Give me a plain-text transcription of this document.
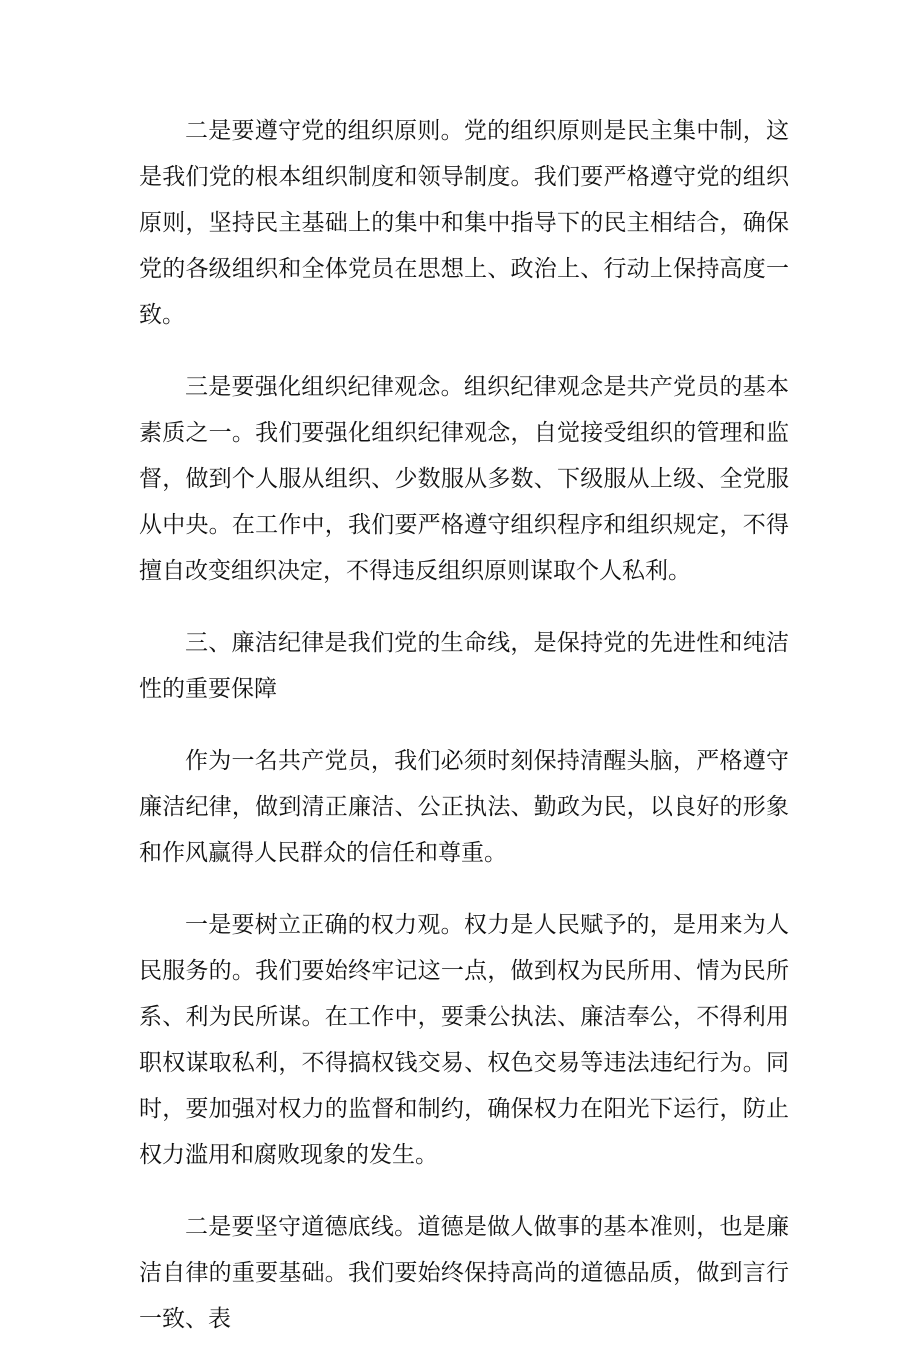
二是要遵守党的组织原则。党的组织原则是民主集中制，这是我们党的根本组织制度和领导制度。我们要严格遵守党的组织原则，坚持民主基础上的集中和集中指导下的民主相结合，确保党的各级组织和全体党员在思想上、政治上、行动上保持高度一致。

三是要强化组织纪律观念。组织纪律观念是共产党员的基本素质之一。我们要强化组织纪律观念，自觉接受组织的管理和监督，做到个人服从组织、少数服从多数、下级服从上级、全党服从中央。在工作中，我们要严格遵守组织程序和组织规定，不得擅自改变组织决定，不得违反组织原则谋取个人私利。

三、廉洁纪律是我们党的生命线，是保持党的先进性和纯洁性的重要保障

作为一名共产党员，我们必须时刻保持清醒头脑，严格遵守廉洁纪律，做到清正廉洁、公正执法、勤政为民，以良好的形象和作风赢得人民群众的信任和尊重。

一是要树立正确的权力观。权力是人民赋予的，是用来为人民服务的。我们要始终牢记这一点，做到权为民所用、情为民所系、利为民所谋。在工作中，要秉公执法、廉洁奉公，不得利用职权谋取私利，不得搞权钱交易、权色交易等违法违纪行为。同时，要加强对权力的监督和制约，确保权力在阳光下运行，防止权力滥用和腐败现象的发生。

二是要坚守道德底线。道德是做人做事的基本准则，也是廉洁自律的重要基础。我们要始终保持高尚的道德品质，做到言行一致、表
